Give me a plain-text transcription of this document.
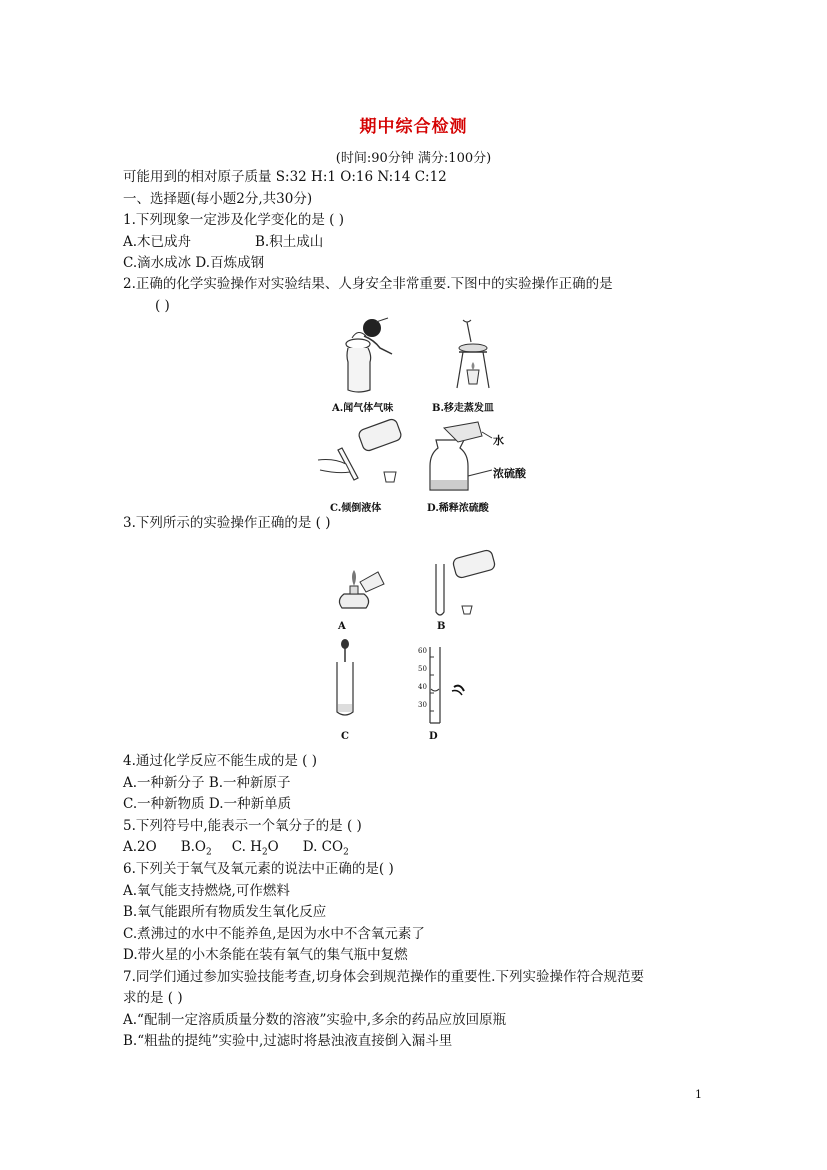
期中综合检测
(时间:90分钟 满分:100分)
可能用到的相对原子质量 S:32 H:1 O:16 N:14 C:12
一、选择题(每小题2分,共30分)
1.下列现象一定涉及化学变化的是 ( )
A.木已成舟	B.积土成山
C.滴水成冰 D.百炼成钢
2.正确的化学实验操作对实验结果、人身安全非常重要.下图中的实验操作正确的是
( )
A.闻气体气味	B.移走蒸发皿
C.倾倒液体
水
浓硫酸
D.稀释浓硫酸
3.下列所示的实验操作正确的是 ( )
A	B
C
60
50
40
30
D
4.通过化学反应不能生成的是 ( )
A.一种新分子 B.一种新原子
C.一种新物质 D.一种新单质
5.下列符号中,能表示一个氧分子的是 ( )
A.2O $B.O_2$ C. $H_2O$ D. $CO_2$
6.下列关于氧气及氧元素的说法中正确的是( )
A.氧气能支持燃烧,可作燃料
B.氧气能跟所有物质发生氧化反应
C.煮沸过的水中不能养鱼,是因为水中不含氧元素了
D.带火星的小木条能在装有氧气的集气瓶中复燃
7.同学们通过参加实验技能考查,切身体会到规范操作的重要性.下列实验操作符合规范要
求的是 ( )
A.“配制一定溶质质量分数的溶液”实验中,多余的药品应放回原瓶
B.“粗盐的提纯”实验中,过滤时将悬浊液直接倒入漏斗里
1
